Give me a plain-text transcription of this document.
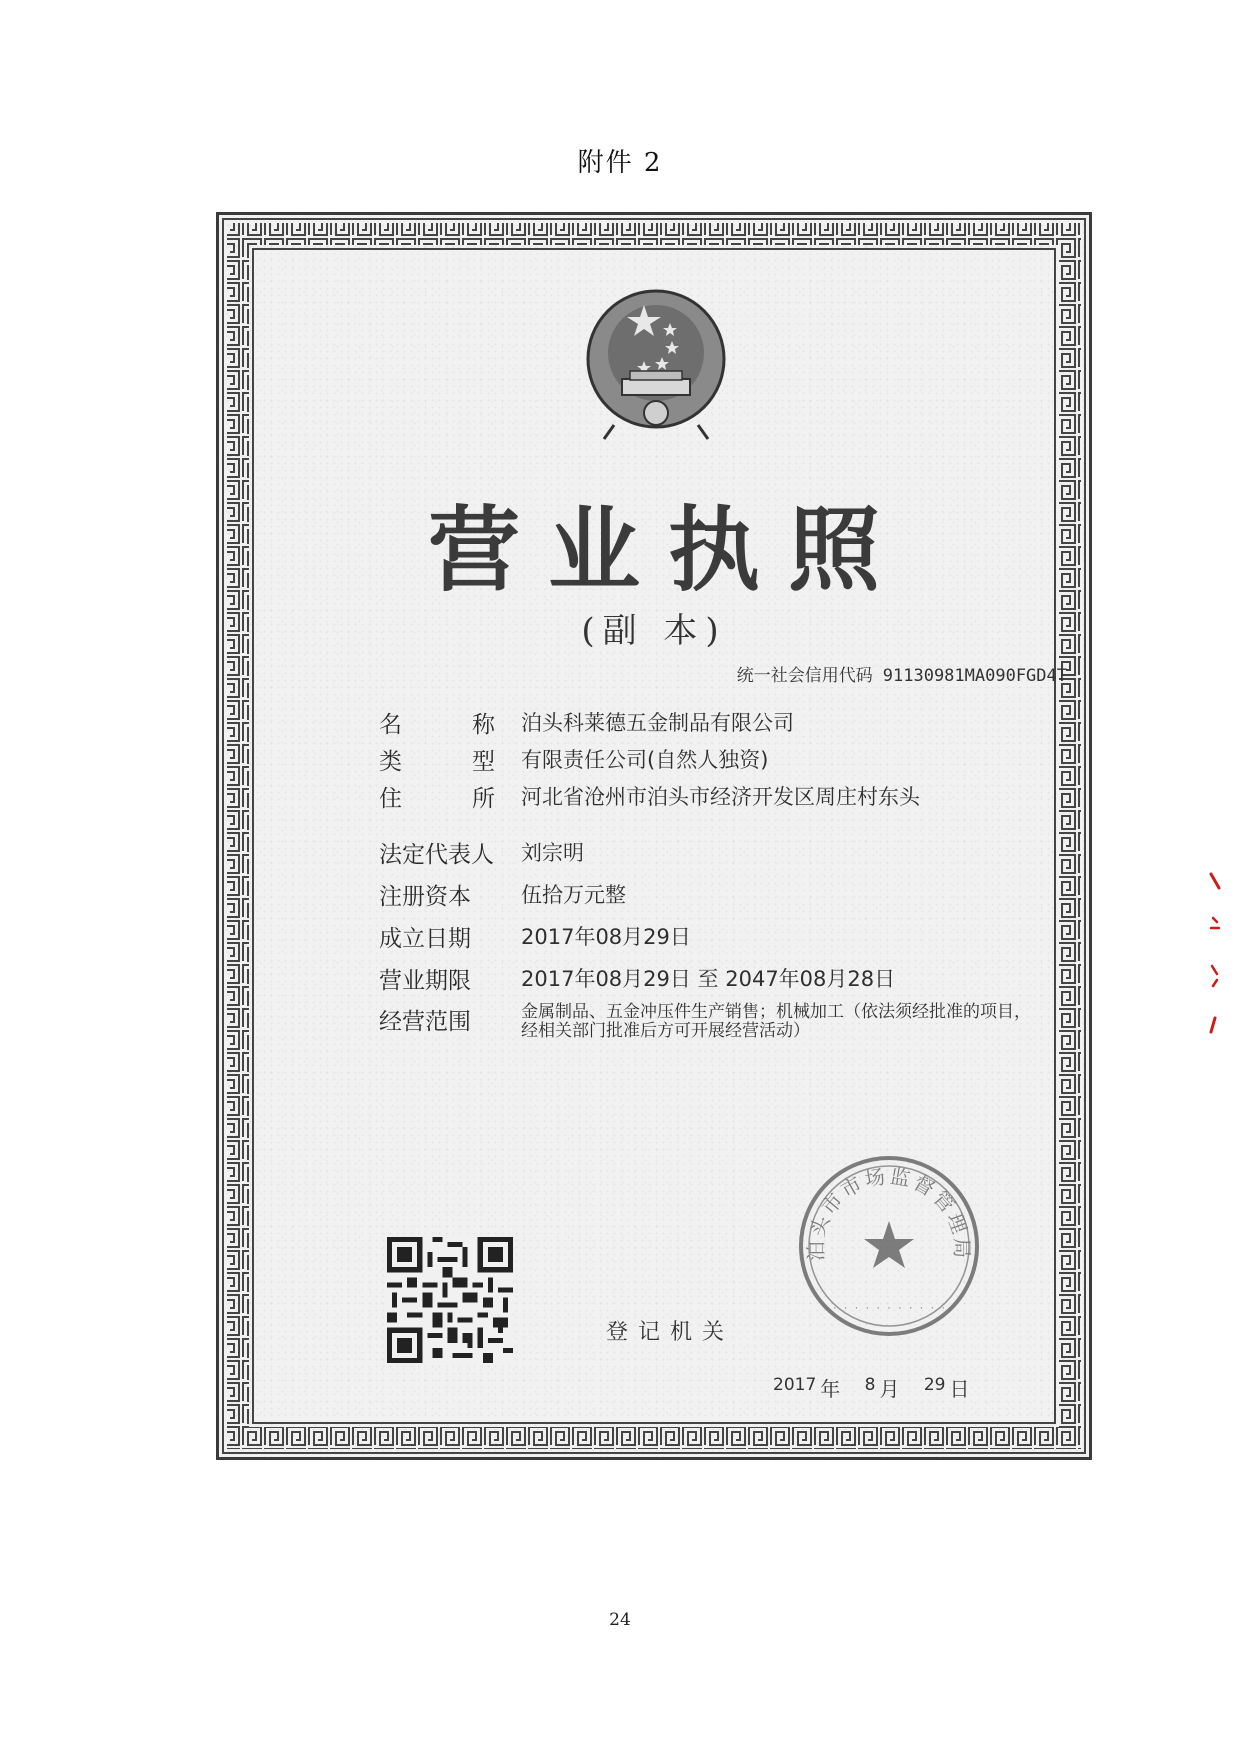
附件 2
营业执照
(副 本)
统一社会信用代码 91130981MA090FGD4T
名	称 泊头科莱德五金制品有限公司
类	型 有限责任公司(自然人独资)
住	所 河北省沧州市泊头市经济开发区周庄村东头
法定代表人 刘宗明
注册资本	伍拾万元整
成立日期	2017年08月29日
营业期限	2017年08月29日 至 2047年08月28日
经营范围	金属制品、五金冲压件生产销售；机械加工（依法须经批准的项目，经相关部门批准后方可开展经营活动）
登记机关
$^{2017}$ 年 $^8$ 月 $^{29}$ 日
泊头市市场监督管理局
· · · · · · · · · · ·
24
